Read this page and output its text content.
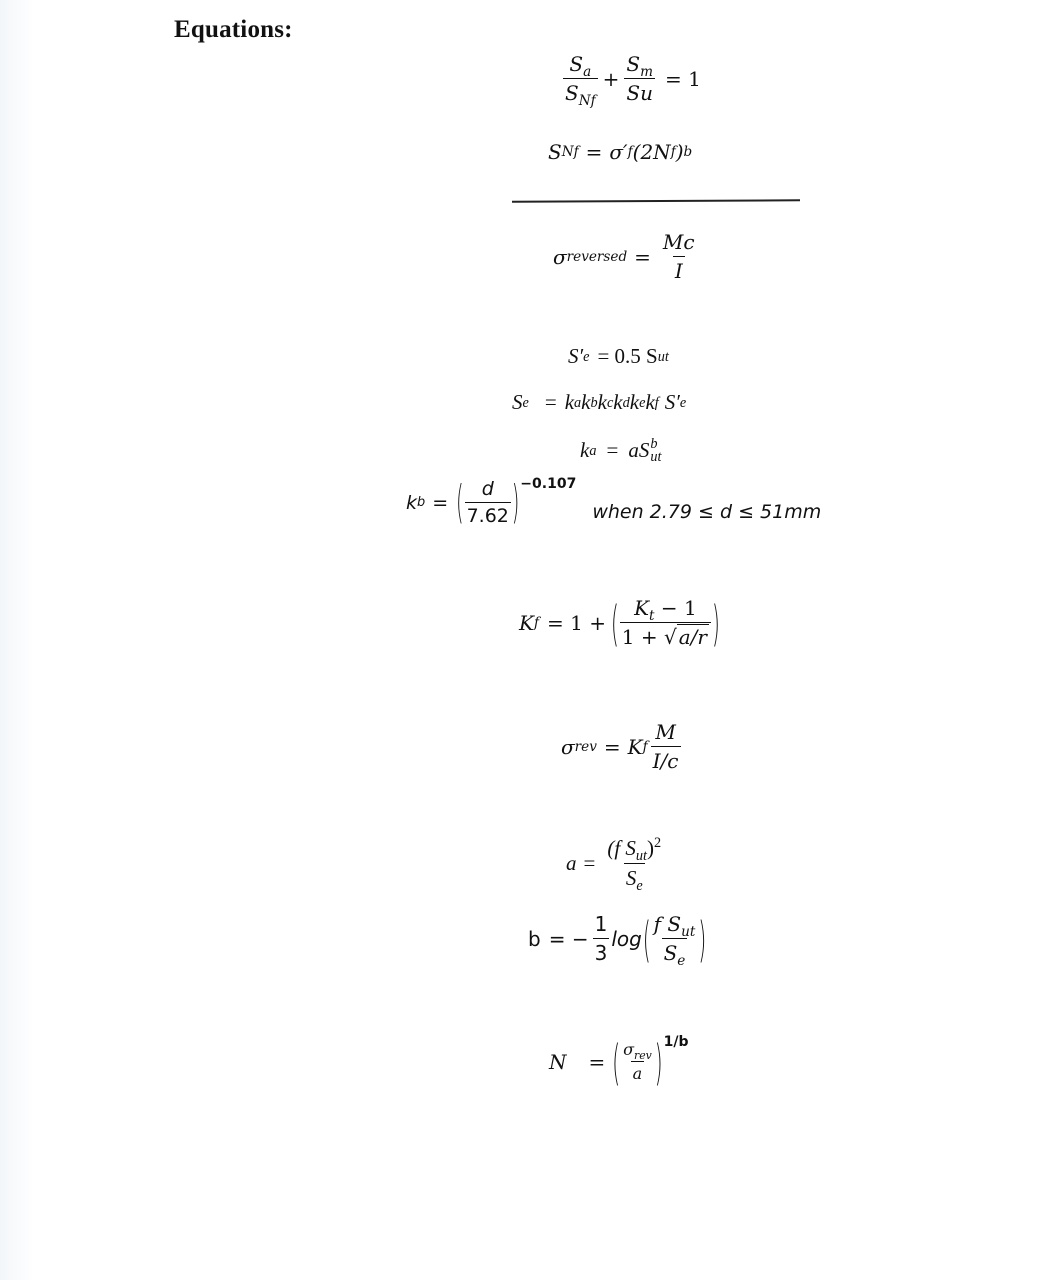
Equations:
$\frac{S_a}{S_{Nf}} + \frac{S_m}{Su} = 1$
S Nf = σ′ f (2N f ) b
σ reversed = $\frac{Mc}{I}$
S′ e = 0.5 S ut
S e = k a k b k c k d k e k f S′ e
k a = aS b
ut
k b = ( $\frac{d}{7.62}$ ) −0.107
when 2.79 ≤ d ≤ 51mm
K f = 1 + ( $\frac{K_t - 1}{1 + √ a/r}$ )
σ rev = K f $\frac{M}{I/c}$
$a = \frac{(f S_{ut})^2}{S_e}$
b = − $\frac{1}{3}$ log ( $\frac{f S_{ut}}{S_e}$ )
N = ( $\frac{\sigma_{rev}}{a}$ ) 1/b
